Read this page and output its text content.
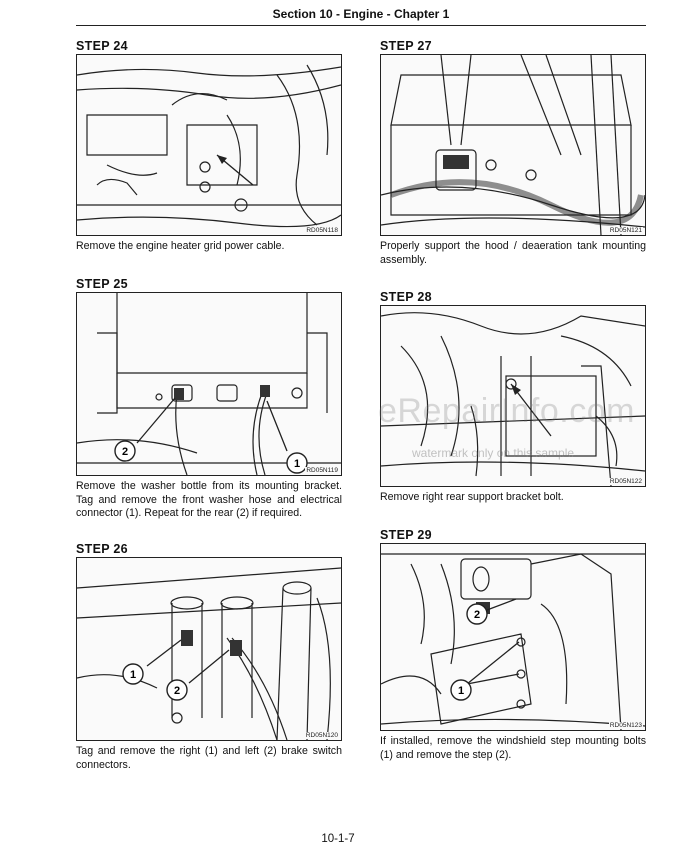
Section 10 - Engine - Chapter 1
STEP 24
RD05N118
Remove the engine heater grid power cable.
STEP 25
2
1
RD05N119
Remove the washer bottle from its mounting bracket. Tag and remove the front washer hose and electrical connector (1). Repeat for the rear (2) if required.
STEP 26
1
2
RD05N120
Tag and remove the right (1) and left (2) brake switch connectors.
STEP 27
RD05N121
Properly support the hood / deaeration tank mounting assembly.
STEP 28
RD05N122
Remove right rear support bracket bolt.
STEP 29
2
1
RD05N123
If installed, remove the windshield step mounting bolts (1) and remove the step (2).
eRepairInfo.com
watermark only on this sample
10-1-7
